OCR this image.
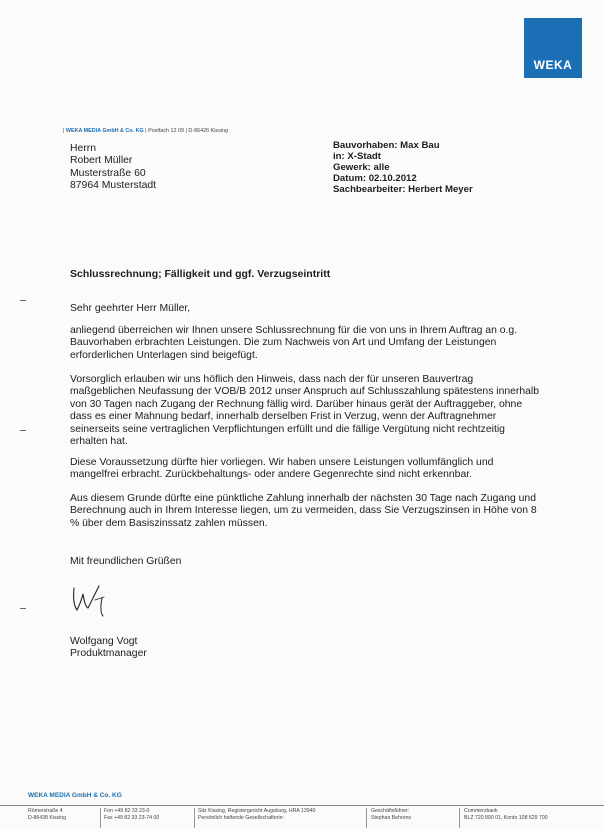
WEKA
| WEKA MEDIA GmbH & Co. KG | Postfach 12 09 | D-86426 Kissing
Herrn
Robert Müller
Musterstraße 60
87964 Musterstadt
Bauvorhaben: Max Bau
in: X-Stadt
Gewerk: alle
Datum: 02.10.2012
Sachbearbeiter: Herbert Meyer
Schlussrechnung; Fälligkeit und ggf. Verzugseintritt
Sehr geehrter Herr Müller,
anliegend überreichen wir Ihnen unsere Schlussrechnung für die von uns in Ihrem Auftrag an o.g.
Bauvorhaben erbrachten Leistungen. Die zum Nachweis von Art und Umfang der Leistungen
erforderlichen Unterlagen sind beigefügt.
Vorsorglich erlauben wir uns höflich den Hinweis, dass nach der für unseren Bauvertrag
maßgeblichen Neufassung der VOB/B 2012 unser Anspruch auf Schlusszahlung spätestens innerhalb
von 30 Tagen nach Zugang der Rechnung fällig wird. Darüber hinaus gerät der Auftraggeber, ohne
dass es einer Mahnung bedarf, innerhalb derselben Frist in Verzug, wenn der Auftragnehmer
seinerseits seine vertraglichen Verpflichtungen erfüllt und die fällige Vergütung nicht rechtzeitig
erhalten hat.
Diese Voraussetzung dürfte hier vorliegen. Wir haben unsere Leistungen vollumfänglich und
mangelfrei erbracht. Zurückbehaltungs- oder andere Gegenrechte sind nicht erkennbar.
Aus diesem Grunde dürfte eine pünktliche Zahlung innerhalb der nächsten 30 Tage nach Zugang und
Berechnung auch in Ihrem Interesse liegen, um zu vermeiden, dass Sie Verzugszinsen in Höhe von 8
% über dem Basiszinssatz zahlen müssen.
Mit freundlichen Grüßen
Wolfgang Vogt
Produktmanager
WEKA MEDIA GmbH & Co. KG
Römerstraße 4
D-86438 Kissing
Fon +49 82 33 23-0
Fax +49 82 33 23-74 00
Sitz Kissing, Registergericht Augsburg, HRA 13940
Persönlich haftende Gesellschafterin:
Geschäftsführer:
Stephan Behrens
Commerzbank
BLZ 720 800 01, Konto 108 629 700
